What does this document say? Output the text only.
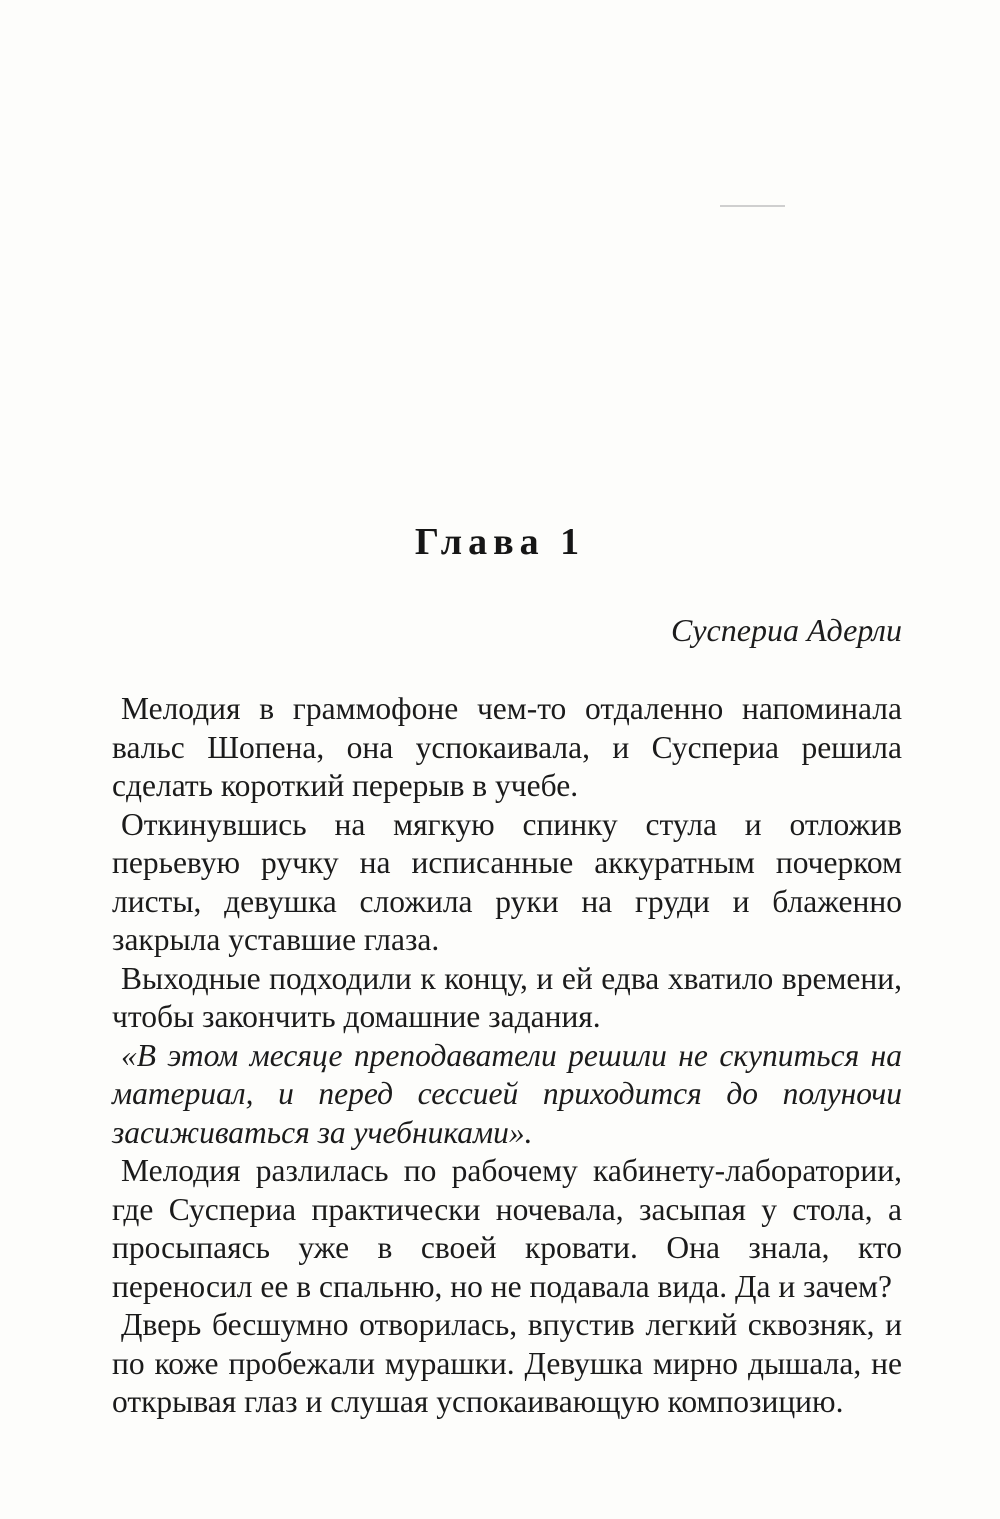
Глава 1
Суспериа Адерли

Мелодия в граммофоне чем-то отдаленно напоминала вальс Шопена, она успокаивала, и Суспериа решила сделать короткий перерыв в учебе.

Откинувшись на мягкую спинку стула и отложив перьевую ручку на исписанные аккуратным почерком листы, девушка сложила руки на груди и блаженно закрыла уставшие глаза.

Выходные подходили к концу, и ей едва хватило времени, чтобы закончить домашние задания.

«В этом месяце преподаватели решили не скупиться на материал, и перед сессией приходится до полуночи засиживаться за учебниками».

Мелодия разлилась по рабочему кабинету-лаборатории, где Суспериа практически ночевала, засыпая у стола, а просыпаясь уже в своей кровати. Она знала, кто переносил ее в спальню, но не подавала вида. Да и зачем?

Дверь бесшумно отворилась, впустив легкий сквозняк, и по коже пробежали мурашки. Девушка мирно дышала, не открывая глаз и слушая успокаивающую композицию.
